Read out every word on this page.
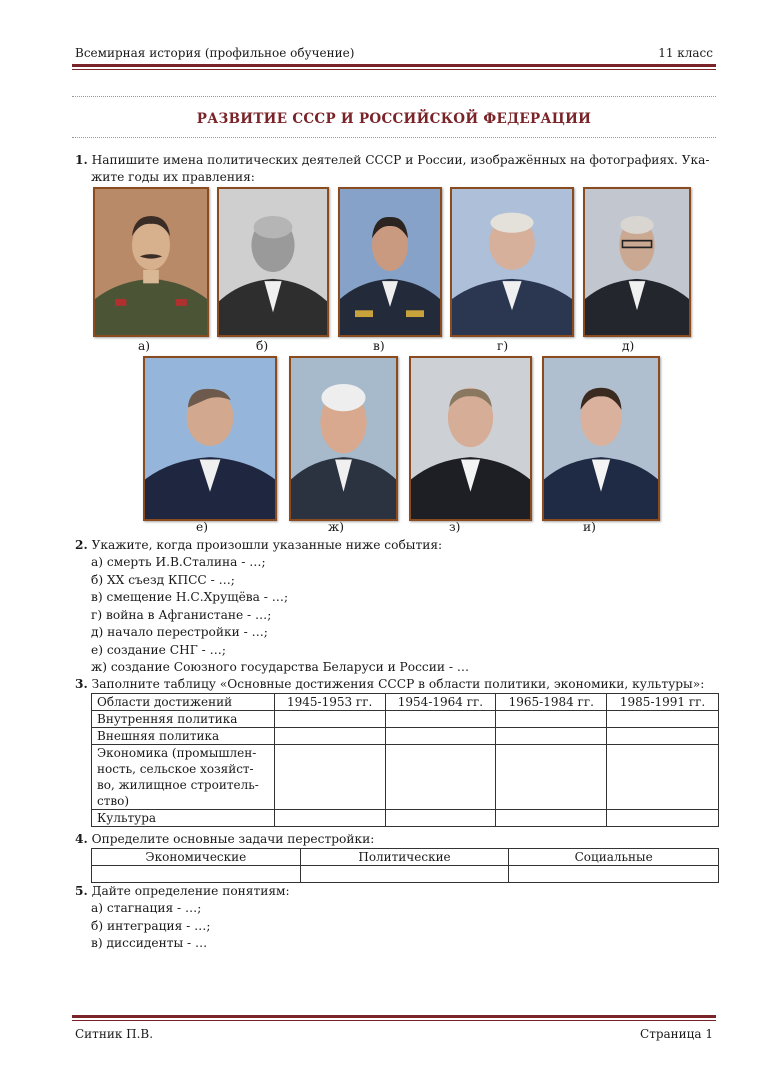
Всемирная история (профильное обучение)	11 класс
РАЗВИТИЕ СССР И РОССИЙСКОЙ ФЕДЕРАЦИИ
1. Напишите имена политических деятелей СССР и России, изображённых на фотографиях. Ука-
жите годы их правления:
а)	б)	в)	г)	д)
е)	ж)	з)	и)
2. Укажите, когда произошли указанные ниже события:
а) смерть И.В.Сталина - …;
б) XX съезд КПСС - …;
в) смещение Н.С.Хрущёва - …;
г) война в Афганистане - …;
д) начало перестройки - …;
е) создание СНГ - …;
ж) создание Союзного государства Беларуси и России - …
3. Заполните таблицу «Основные достижения СССР в области политики, экономики, культуры»:
Области достижений	1945-1953 гг.	1954-1964 гг.	1965-1984 гг.	1985-1991 гг.
Внутренняя политика				
Внешняя политика				

Экономика (промышлен-
ность, сельское хозяйст-
во, жилищное строитель-
ство)				

Культура				
4. Определите основные задачи перестройки:
Экономические	Политические	Социальные

5. Дайте определение понятиям:
а) стагнация - …;
б) интеграция - …;
в) диссиденты - …
Ситник П.В.	Страница 1
